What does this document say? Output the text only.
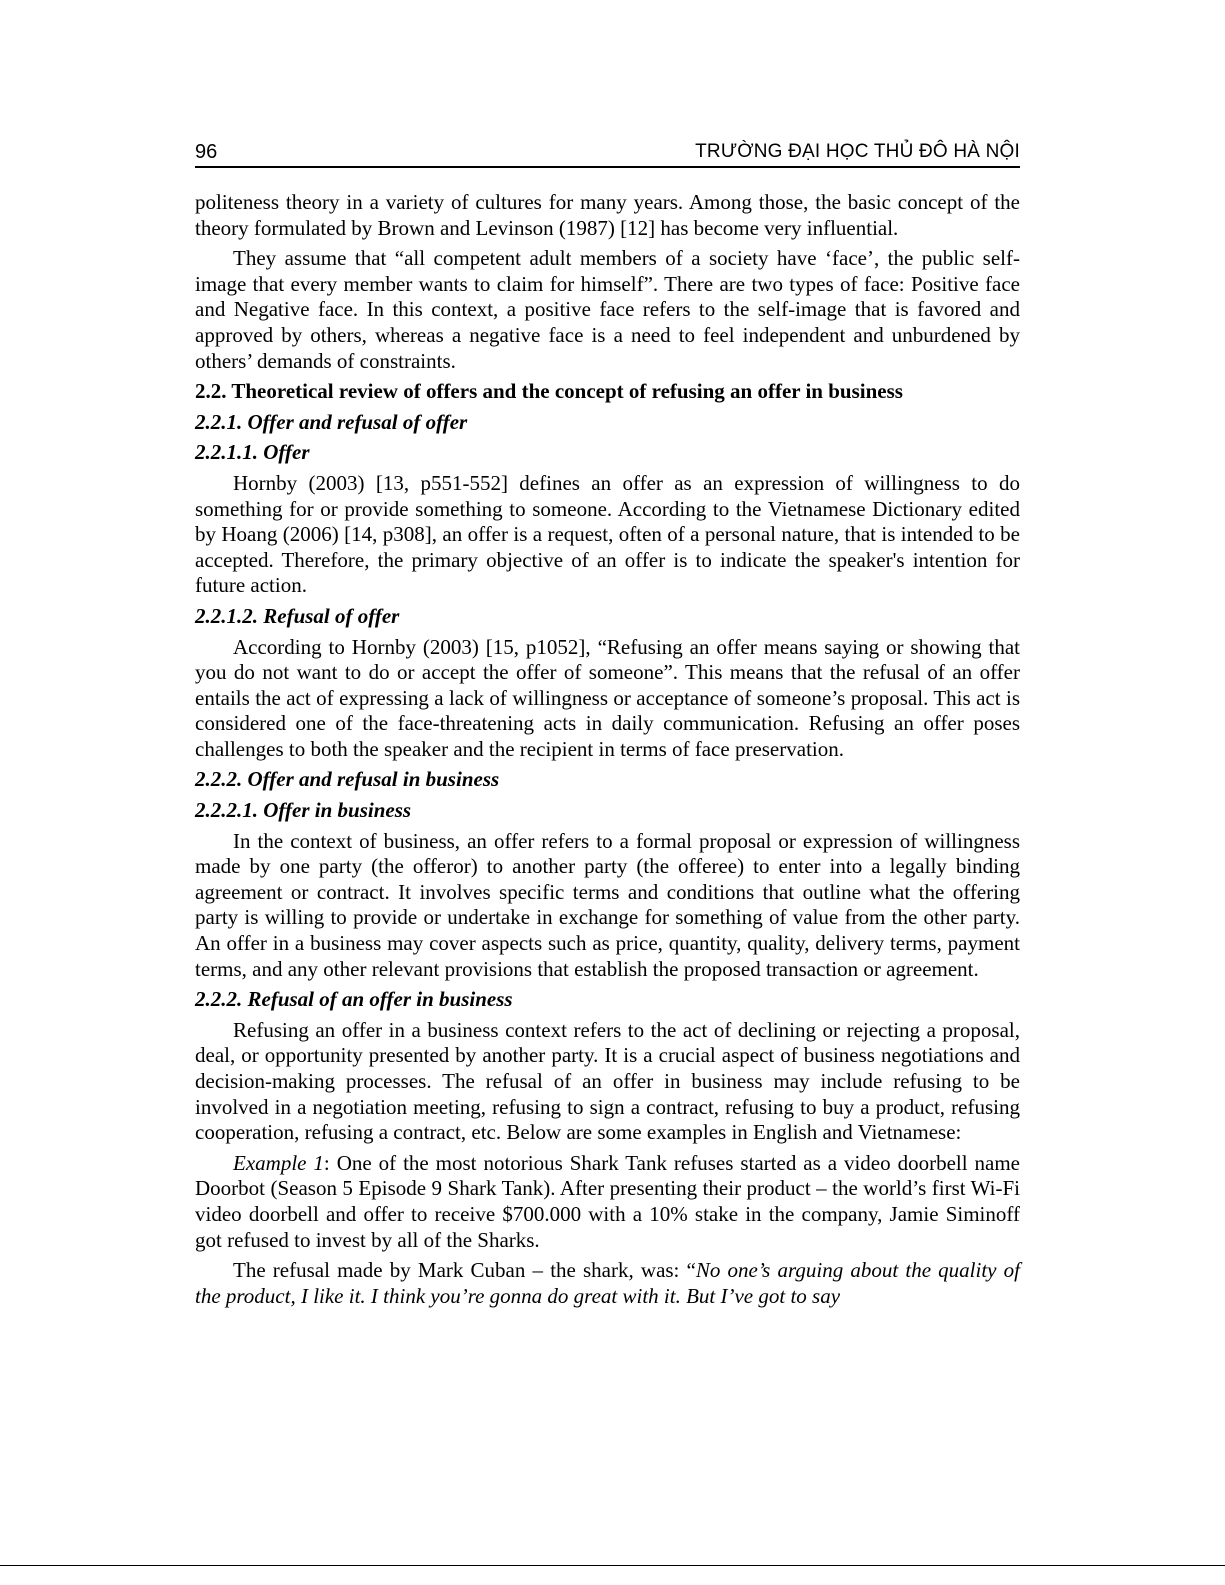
96	TRƯỜNG ĐẠI HỌC THỦ ĐÔ HÀ NỘI

politeness theory in a variety of cultures for many years. Among those, the basic concept of the theory formulated by Brown and Levinson (1987) [12] has become very influential.

They assume that “all competent adult members of a society have ‘face’, the public self-image that every member wants to claim for himself”. There are two types of face: Positive face and Negative face. In this context, a positive face refers to the self-image that is favored and approved by others, whereas a negative face is a need to feel independent and unburdened by others’ demands of constraints.

2.2. Theoretical review of offers and the concept of refusing an offer in business
2.2.1. Offer and refusal of offer
2.2.1.1. Offer

Hornby (2003) [13, p551-552] defines an offer as an expression of willingness to do something for or provide something to someone. According to the Vietnamese Dictionary edited by Hoang (2006) [14, p308], an offer is a request, often of a personal nature, that is intended to be accepted. Therefore, the primary objective of an offer is to indicate the speaker's intention for future action.

2.2.1.2. Refusal of offer

According to Hornby (2003) [15, p1052], “Refusing an offer means saying or showing that you do not want to do or accept the offer of someone”. This means that the refusal of an offer entails the act of expressing a lack of willingness or acceptance of someone’s proposal. This act is considered one of the face-threatening acts in daily communication. Refusing an offer poses challenges to both the speaker and the recipient in terms of face preservation.

2.2.2. Offer and refusal in business
2.2.2.1. Offer in business

In the context of business, an offer refers to a formal proposal or expression of willingness made by one party (the offeror) to another party (the offeree) to enter into a legally binding agreement or contract. It involves specific terms and conditions that outline what the offering party is willing to provide or undertake in exchange for something of value from the other party. An offer in a business may cover aspects such as price, quantity, quality, delivery terms, payment terms, and any other relevant provisions that establish the proposed transaction or agreement.

2.2.2. Refusal of an offer in business

Refusing an offer in a business context refers to the act of declining or rejecting a proposal, deal, or opportunity presented by another party. It is a crucial aspect of business negotiations and decision-making processes. The refusal of an offer in business may include refusing to be involved in a negotiation meeting, refusing to sign a contract, refusing to buy a product, refusing cooperation, refusing a contract, etc. Below are some examples in English and Vietnamese:

Example 1: One of the most notorious Shark Tank refuses started as a video doorbell name Doorbot (Season 5 Episode 9 Shark Tank). After presenting their product – the world’s first Wi-Fi video doorbell and offer to receive $700.000 with a 10% stake in the company, Jamie Siminoff got refused to invest by all of the Sharks.

The refusal made by Mark Cuban – the shark, was: “No one’s arguing about the quality of the product, I like it. I think you’re gonna do great with it. But I’ve got to say
